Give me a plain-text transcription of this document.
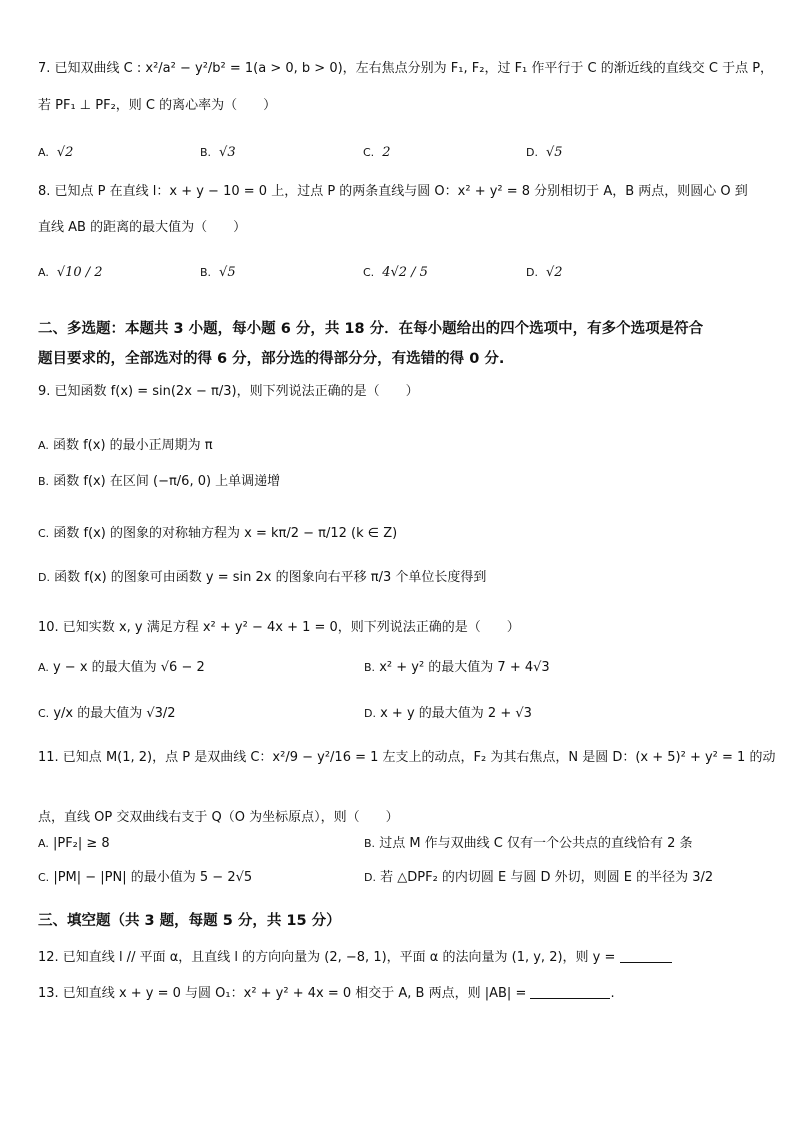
7. 已知双曲线 C : x²/a² − y²/b² = 1(a > 0, b > 0)，左右焦点分别为 F₁, F₂，过 F₁ 作平行于 C 的渐近线的直线交 C 于点 P，
若 PF₁ ⊥ PF₂，则 C 的离心率为（　　）
A. √2	B. √3	C. 2	D. √5
8. 已知点 P 在直线 l：x + y − 10 = 0 上，过点 P 的两条直线与圆 O：x² + y² = 8 分别相切于 A，B 两点，则圆心 O 到
直线 AB 的距离的最大值为（　　）
A. √10 / 2	B. √5	C. 4√2 / 5	D. √2
二、多选题：本题共 3 小题，每小题 6 分，共 18 分．在每小题给出的四个选项中，有多个选项是符合
题目要求的，全部选对的得 6 分，部分选的得部分分，有选错的得 0 分.
9. 已知函数 f(x) = sin(2x − π/3)，则下列说法正确的是（　　）
A. 函数 f(x) 的最小正周期为 π
B. 函数 f(x) 在区间 (−π/6, 0) 上单调递增
C. 函数 f(x) 的图象的对称轴方程为 x = kπ/2 − π/12 (k ∈ Z)
D. 函数 f(x) 的图象可由函数 y = sin 2x 的图象向右平移 π/3 个单位长度得到
10. 已知实数 x, y 满足方程 x² + y² − 4x + 1 = 0，则下列说法正确的是（　　）
A. y − x 的最大值为 √6 − 2	B. x² + y² 的最大值为 7 + 4√3
C. y/x 的最大值为 √3/2	D. x + y 的最大值为 2 + √3
11. 已知点 M(1, 2)，点 P 是双曲线 C：x²/9 − y²/16 = 1 左支上的动点，F₂ 为其右焦点，N 是圆 D：(x + 5)² + y² = 1 的动
点，直线 OP 交双曲线右支于 Q（O 为坐标原点），则（　　）
A. |PF₂| ≥ 8	B. 过点 M 作与双曲线 C 仅有一个公共点的直线恰有 2 条
C. |PM| − |PN| 的最小值为 5 − 2√5	D. 若 △DPF₂ 的内切圆 E 与圆 D 外切，则圆 E 的半径为 3/2
三、填空题（共 3 题，每题 5 分，共 15 分）
12. 已知直线 l // 平面 α，且直线 l 的方向向量为 (2, −8, 1)，平面 α 的法向量为 (1, y, 2)，则 y =
13. 已知直线 x + y = 0 与圆 O₁：x² + y² + 4x = 0 相交于 A, B 两点，则 |AB| =	.
